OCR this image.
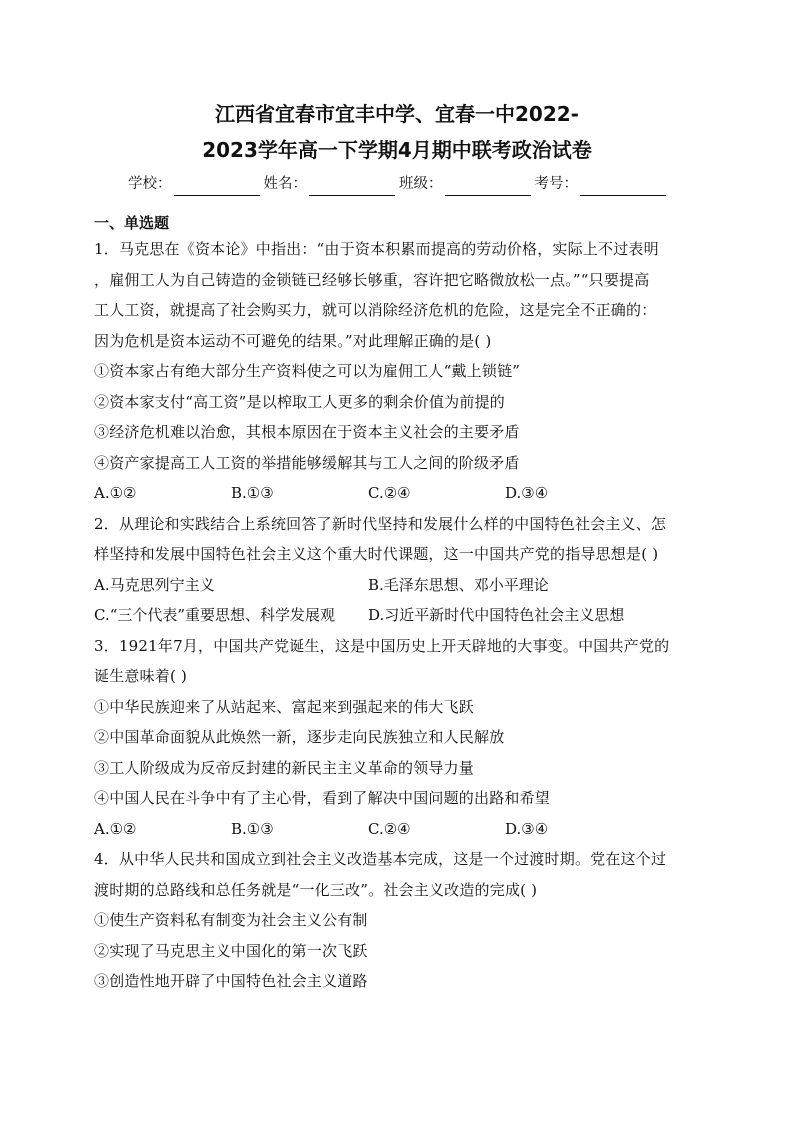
江西省宜春市宜丰中学、宜春一中2022-
2023学年高一下学期4月期中联考政治试卷
学校：	姓名：	班级：	考号：
一、单选题

1．马克思在《资本论》中指出：“由于资本积累而提高的劳动价格，实际上不过表明

，雇佣工人为自己铸造的金锁链已经够长够重，容许把它略微放松一点。”“只要提高

工人工资，就提高了社会购买力，就可以消除经济危机的危险，这是完全不正确的：

因为危机是资本运动不可避免的结果。”对此理解正确的是( )

①资本家占有绝大部分生产资料使之可以为雇佣工人“戴上锁链”

②资本家支付“高工资”是以榨取工人更多的剩余价值为前提的

③经济危机难以治愈，其根本原因在于资本主义社会的主要矛盾

④资产家提高工人工资的举措能够缓解其与工人之间的阶级矛盾

A.①②	B.①③	C.②④	D.③④

2．从理论和实践结合上系统回答了新时代坚持和发展什么样的中国特色社会主义、怎

样坚持和发展中国特色社会主义这个重大时代课题，这一中国共产党的指导思想是( )

A.马克思列宁主义	B.毛泽东思想、邓小平理论
C.“三个代表”重要思想、科学发展观	D.习近平新时代中国特色社会主义思想

3．1921年7月，中国共产党诞生，这是中国历史上开天辟地的大事变。中国共产党的

诞生意味着( )

①中华民族迎来了从站起来、富起来到强起来的伟大飞跃

②中国革命面貌从此焕然一新，逐步走向民族独立和人民解放

③工人阶级成为反帝反封建的新民主主义革命的领导力量

④中国人民在斗争中有了主心骨，看到了解决中国问题的出路和希望

A.①②	B.①③	C.②④	D.③④

4．从中华人民共和国成立到社会主义改造基本完成，这是一个过渡时期。党在这个过

渡时期的总路线和总任务就是“一化三改”。社会主义改造的完成( )

①使生产资料私有制变为社会主义公有制

②实现了马克思主义中国化的第一次飞跃

③创造性地开辟了中国特色社会主义道路
